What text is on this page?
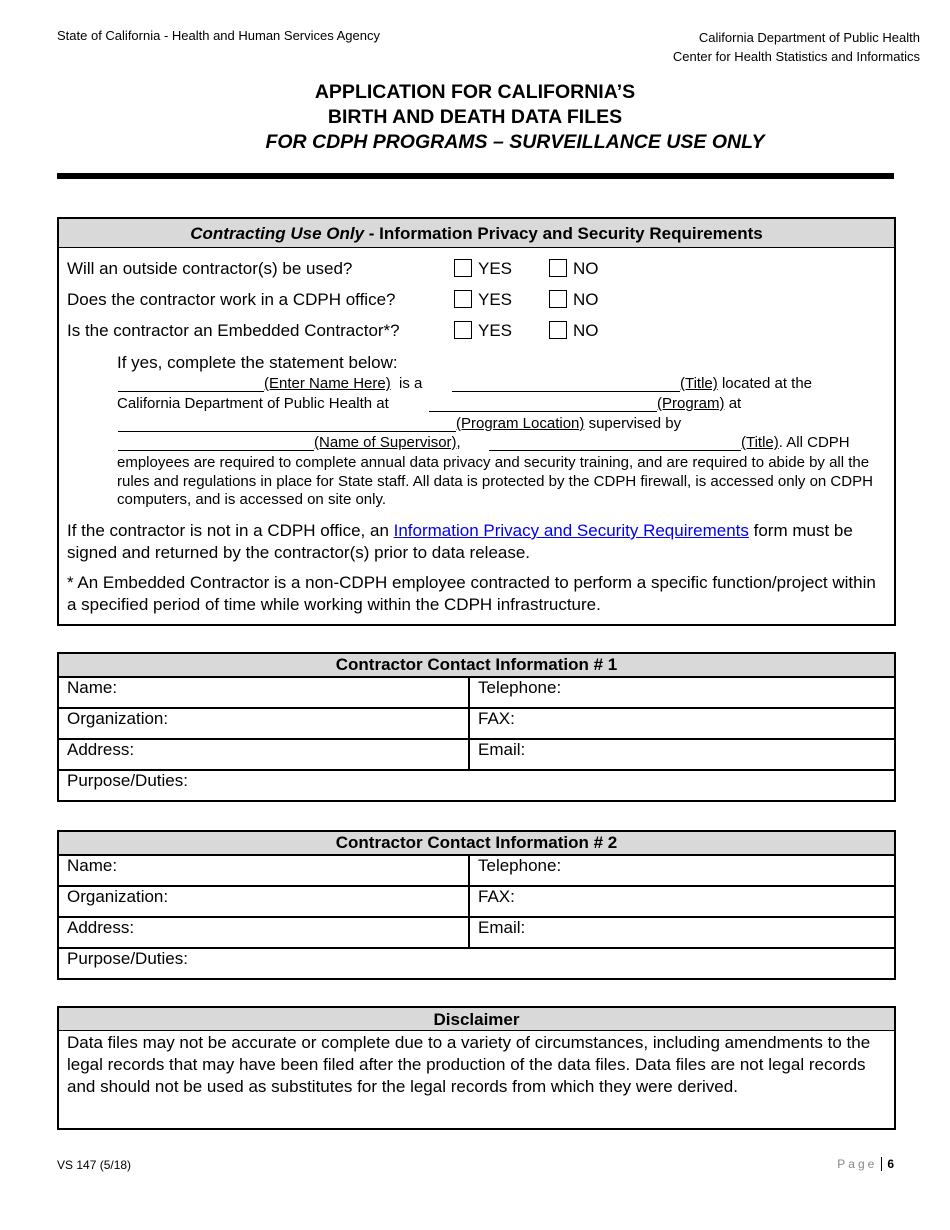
State of California - Health and Human Services Agency	California Department of Public Health
Center for Health Statistics and Informatics
APPLICATION FOR CALIFORNIA’S
BIRTH AND DEATH DATA FILES
FOR CDPH PROGRAMS – SURVEILLANCE USE ONLY
Contracting Use Only - Information Privacy and Security Requirements
Will an outside contractor(s) be used?	YES	NO
Does the contractor work in a CDPH office?	YES	NO
Is the contractor an Embedded Contractor*?	YES	NO
If yes, complete the statement below:
(Enter Name Here) is a	(Title) located at the
California Department of Public Health at	(Program) at
(Program Location) supervised by
(Name of Supervisor),	(Title). All CDPH
employees are required to complete annual data privacy and security training, and are required to abide by all the rules and regulations in place for State staff. All data is protected by the CDPH firewall, is accessed only on CDPH computers, and is accessed on site only.
If the contractor is not in a CDPH office, an Information Privacy and Security Requirements form must be signed and returned by the contractor(s) prior to data release.
* An Embedded Contractor is a non-CDPH employee contracted to perform a specific function/project within a specified period of time while working within the CDPH infrastructure.
Contractor Contact Information # 1	
Name:	Telephone:
Organization:	FAX:
Address:	Email:
Purpose/Duties:	
Contractor Contact Information # 2	
Name:	Telephone:
Organization:	FAX:
Address:	Email:
Purpose/Duties:	
Disclaimer
Data files may not be accurate or complete due to a variety of circumstances, including amendments to the legal records that may have been filed after the production of the data files. Data files are not legal records and should not be used as substitutes for the legal records from which they were derived.
VS 147 (5/18)	Page 6
